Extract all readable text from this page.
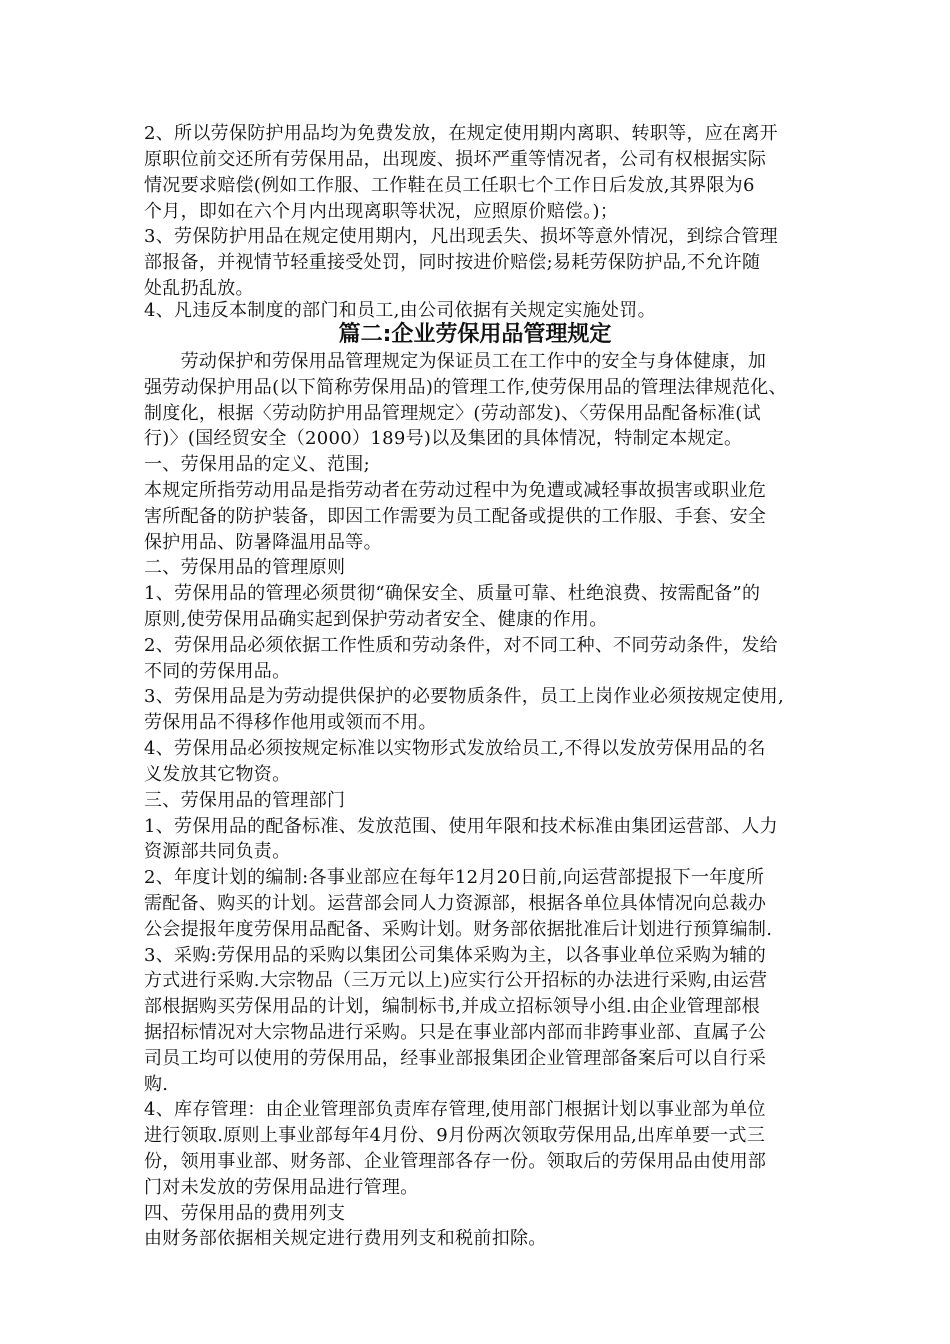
2、所以劳保防护用品均为免费发放，在规定使用期内离职、转职等，应在离开
原职位前交还所有劳保用品，出现废、损坏严重等情况者，公司有权根据实际
情况要求赔偿(例如工作服、工作鞋在员工任职七个工作日后发放,其界限为6
个月，即如在六个月内出现离职等状况，应照原价赔偿。)；
3、劳保防护用品在规定使用期内，凡出现丢失、损坏等意外情况，到综合管理
部报备，并视情节轻重接受处罚，同时按进价赔偿;易耗劳保防护品,不允许随
处乱扔乱放。
4、凡违反本制度的部门和员工,由公司依据有关规定实施处罚。
篇二:企业劳保用品管理规定
　　劳动保护和劳保用品管理规定为保证员工在工作中的安全与身体健康，加
强劳动保护用品(以下简称劳保用品)的管理工作,使劳保用品的管理法律规范化、
制度化，根据〈劳动防护用品管理规定〉(劳动部发)、〈劳保用品配备标准(试
行)〉(国经贸安全（2000）189号)以及集团的具体情况，特制定本规定。
一、劳保用品的定义、范围;
本规定所指劳动用品是指劳动者在劳动过程中为免遭或减轻事故损害或职业危
害所配备的防护装备，即因工作需要为员工配备或提供的工作服、手套、安全
保护用品、防暑降温用品等。
二、劳保用品的管理原则
1、劳保用品的管理必须贯彻“确保安全、质量可靠、杜绝浪费、按需配备”的
原则,使劳保用品确实起到保护劳动者安全、健康的作用。
2、劳保用品必须依据工作性质和劳动条件，对不同工种、不同劳动条件，发给
不同的劳保用品。
3、劳保用品是为劳动提供保护的必要物质条件，员工上岗作业必须按规定使用,
劳保用品不得移作他用或领而不用。
4、劳保用品必须按规定标准以实物形式发放给员工,不得以发放劳保用品的名
义发放其它物资。
三、劳保用品的管理部门
1、劳保用品的配备标准、发放范围、使用年限和技术标准由集团运营部、人力
资源部共同负责。
2、年度计划的编制:各事业部应在每年12月20日前,向运营部提报下一年度所
需配备、购买的计划。运营部会同人力资源部，根据各单位具体情况向总裁办
公会提报年度劳保用品配备、采购计划。财务部依据批准后计划进行预算编制.
3、采购:劳保用品的采购以集团公司集体采购为主，以各事业单位采购为辅的
方式进行采购.大宗物品（三万元以上)应实行公开招标的办法进行采购,由运营
部根据购买劳保用品的计划，编制标书,并成立招标领导小组.由企业管理部根
据招标情况对大宗物品进行采购。只是在事业部内部而非跨事业部、直属子公
司员工均可以使用的劳保用品，经事业部报集团企业管理部备案后可以自行采
购.
4、库存管理：由企业管理部负责库存管理,使用部门根据计划以事业部为单位
进行领取.原则上事业部每年4月份、9月份两次领取劳保用品,出库单要一式三
份，领用事业部、财务部、企业管理部各存一份。领取后的劳保用品由使用部
门对未发放的劳保用品进行管理。
四、劳保用品的费用列支
由财务部依据相关规定进行费用列支和税前扣除。
